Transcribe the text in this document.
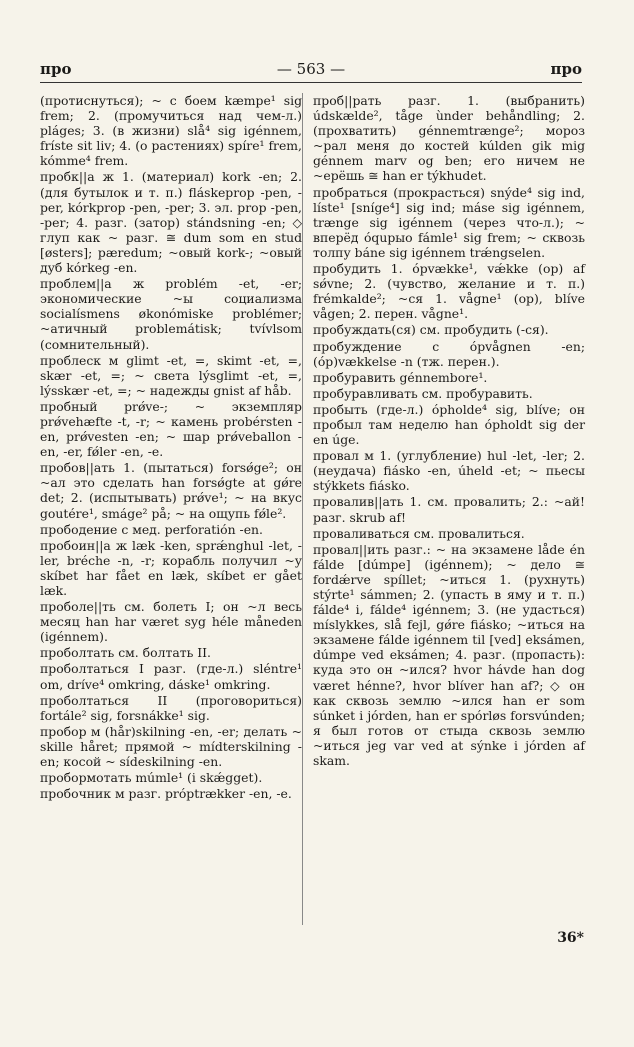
— 563 —
про	про

(протиснуться); ~ с боем kæmpe¹ sig frem; 2. (промучиться над чем-л.) pláges; 3. (в жизни) slå⁴ sig igénnem, fríste sit liv; 4. (о растениях) spíre¹ frem, kómme⁴ frem.

пробк||а ж 1. (материал) kork -en; 2. (для бутылок и т. п.) fláskeprop -pen, -per, kórkprop -pen, -per; 3. эл. prop -pen, -per; 4. разг. (затор) stándsning -en; ◇ глуп как ~ разг. ≅ dum som en stud [østers]; pæredum; ~овый kork-; ~овый дуб kórkeg -en.

проблем||а ж problém -et, -er; экономические ~ы социализма socialísmens økonómiske problémer; ~атичный problemátisk; tvívlsom (сомнительный).

проблеск м glimt -et, =, skimt -et, =, skær -et, =; ~ света lýsglimt -et, =, lýsskær -et, =; ~ надежды gnist af håb.

пробный prǿve-; ~ экземпляр prǿvehæfte -t, -r; ~ камень probérsten -en, prǿvesten -en; ~ шар prǿveballon -en, -er, fǿler -en, -e.

пробов||ать 1. (пытаться) forsǿge²; он ~ал это сделать han forsǿgte at gǿre det; 2. (испытывать) prǿve¹; ~ на вкус goutére¹, smáge² på; ~ на ощупь fǿle².

прободение с мед. perforatión -en.

пробоин||а ж læk -ken, sprǽnghul -let, -ler, bréche -n, -r; корабль получил ~у skíbet har fået en læk, skíbet er gået læk.

проболе||ть см. болеть I; он ~л весь месяц han har været syg héle måneden (igénnem).

проболтать см. болтать II.

проболтаться I разг. (где-л.) sléntre¹ om, dríve⁴ omkring, dáske¹ omkring.

проболтаться II (проговориться) fortále² sig, forsnákke¹ sig.

пробор м (hår)skilning -en, -er; делать ~ skille håret; прямой ~ mídterskilning -en; косой ~ sídeskilning -en.

пробормотать múmle¹ (i skǽgget).

пробочник м разг. próptrækker -en, -e.

проб||рать разг. 1. (выбранить) údskælde², tåge ùnder behåndling; 2. (прохватить) génnemtrænge²; мороз ~рал меня до костей kúlden gik mig génnem marv og ben; его ничем не ~ерёшь ≅ han er týkhudet.

пробраться (прокрасться) snýde⁴ sig ind, líste¹ [snígе⁴] sig ind; máse sig igénnem, trænge sig igénnem (через что-л.); ~ вперёд óqupыо fámle¹ sig frem; ~ сквозь толпу báne sig igénnem trǽngselen.

пробудить 1. ópvække¹, vǽkke (op) af sǿvne; 2. (чувство, желание и т. п.) frémkalde²; ~ся 1. vågne¹ (op), blíve vågen; 2. перен. vågne¹.

пробуждать(ся) см. пробудить (-ся).

пробуждение с ópvågnen -en; (óp)vækkelse -n (тж. перен.).

пробуравить génnembore¹.

пробуравливать см. пробуравить.

пробыть (где-л.) ópholde⁴ sig, blíve; он пробыл там неделю han ópholdt sig der en úge.

провал м 1. (углубление) hul -let, -ler; 2. (неудача) fiásko -en, úheld -et; ~ пьесы stýkkets fiásko.

провалив||ать 1. см. провалить; 2.: ~ай! разг. skrub af!

проваливаться см. провалиться.

провал||ить разг.: ~ на экзамене låde én fálde [dúmpe] (igénnem); ~ дело ≅ fordǽrve spíllet; ~иться 1. (рухнуть) stýrte¹ sámmen; 2. (упасть в яму и т. п.) fálde⁴ i, fálde⁴ igénnem; 3. (не удасться) míslykkes, slå fejl, gǿre fiásko; ~иться на экзамене fálde igénnem til [ved] eksámen, dúmpe ved eksámen; 4. разг. (пропасть): куда это он ~ился? hvor hávde han dog været hénne?, hvor blíver han af?; ◇ он как сквозь землю ~ился han er som súnket i jórden, han er spórløs forsvúnden; я был готов от стыда сквозь землю ~иться jeg var ved at sýnke i jórden af skam.

36*
